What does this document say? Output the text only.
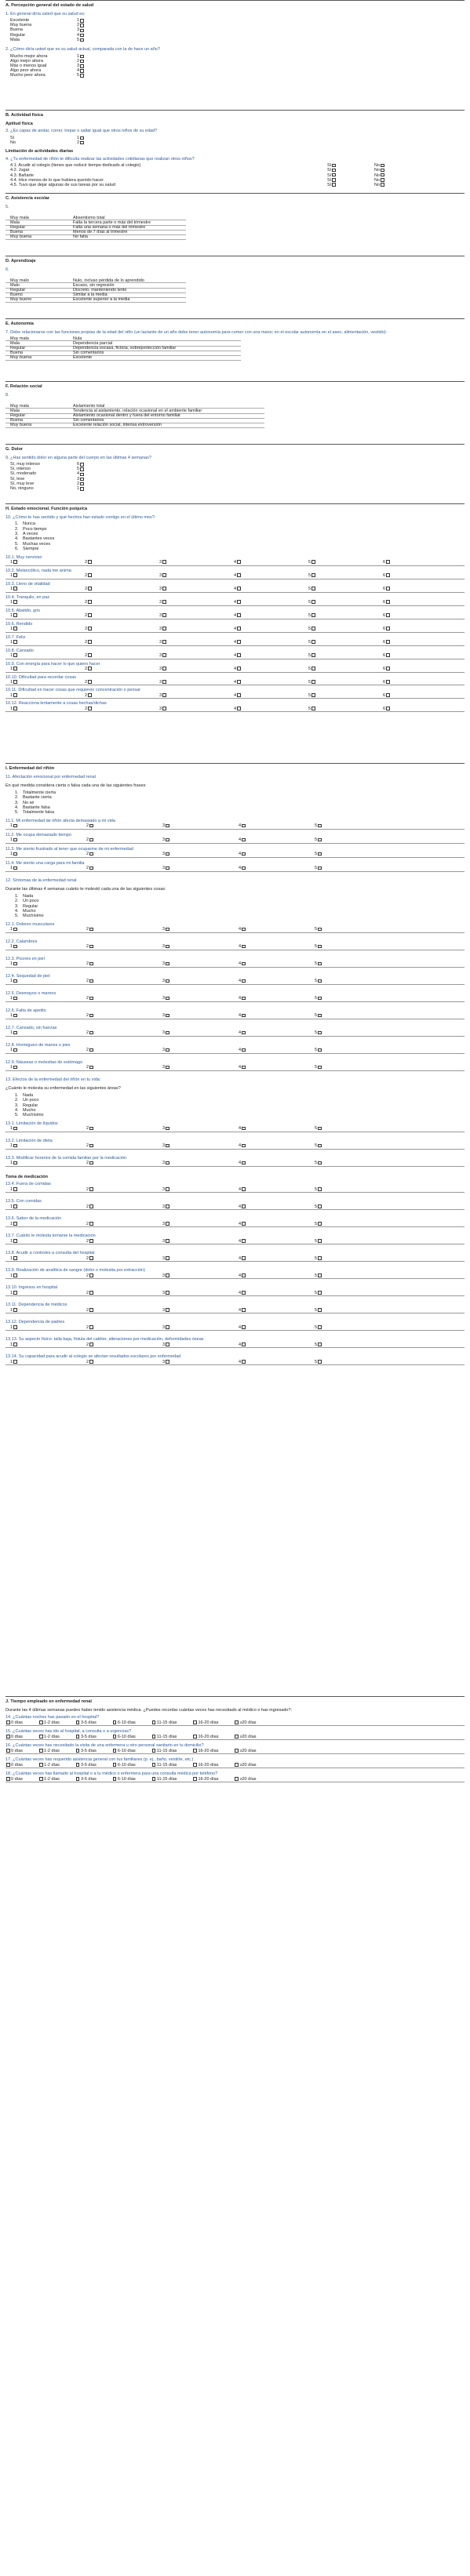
A. Percepción general del estado de salud
1. En general diría usted que su salud es:
Excelente	1
Muy buena	2
Buena	3
Regular	4
Mala	5
2. ¿Cómo diría usted que es su salud actual, comparada con la de hace un año?
Mucho mejor ahora	1
Algo mejor ahora	2
Más o menos igual	3
Algo peor ahora	4
Mucho peor ahora	5
B. Actividad física
Aptitud física
3. ¿Es capaz de andar, correr, trepar o saltar igual que otros niños de su edad?
Sí	1
No	2
Limitación de actividades diarias
4. ¿Tu enfermedad de riñón te dificulta realizar las actividades cotidianas que realizan otros niños?
4.1. Acudir al colegio (tienes que reducir tiempo dedicado al colegio)	Sí	No
4.2. Jugar	Sí	No
4.3. Bañarte	Sí	No
4.4. Hice menos de lo que hubiera querido hacer	Sí	No
4.5. Tuvo que dejar algunas de sus tareas por su salud	Sí	No
C. Asistencia escolar
5.
Muy mala	Absentismo total
Mala	Falta la tercera parte o más del trimestre
Regular	Falta una semana o más del trimestre
Buena	Menos de 7 días al trimestre
Muy buena	No falta
D. Aprendizaje
6.
Muy malo	Nulo, incluso pérdida de lo aprendido
Malo	Escaso, sin regresión
Regular	Discreto, manteniendo lento
Bueno	Similar a la media
Muy bueno	Excelente superior a la media
E. Autonomía
7. Debe relacionarse con las funciones propias de la edad del niño (un lactante de un año debe tener autonomía para comer con una mano; en el escolar autonomía en el aseo, alimentación, vestido):
Muy mala	Nula
Mala	Dependencia parcial
Regular	Dependencia escasa, ficticia, sobreprotección familiar
Buena	Sin comentarios
Muy buena	Excelente
F. Relación social
8.
Muy mala	Aislamiento total
Mala	Tendencia al aislamiento, relación ocasional en el ambiente familiar
Regular	Aislamiento ocasional dentro y fuera del entorno familiar
Buena	Sin comentarios
Muy buena	Excelente relación social, intensa extroversión
G. Dolor
9. ¿Has sentido dolor en alguna parte del cuerpo en las últimas 4 semanas?
Sí, muy intenso	6
Sí, intenso	5
Sí, moderado	4
Sí, leve	3
Sí, muy leve	2
No, ninguno	1
H. Estado emocional. Función psíquica
10. ¿Cómo te has sentido y qué hechos han estado contigo en el último mes?:
1. Nunca
2. Poco tiempo
3. A veces
4. Bastantes veces
5. Muchas veces
6. Siempre
10.1. Muy nervioso
1	2	3	4	5	6
10.2. Melancólico, nada me anima
1	2	3	4	5	6
10.3. Lleno de vitalidad
1	2	3	4	5	6
10.4. Tranquilo, en paz
1	2	3	4	5	6
10.5. Abatido, gris
1	2	3	4	5	6
10.6. Rendido
1	2	3	4	5	6
10.7. Feliz
1	2	3	4	5	6
10.8. Cansado
1	2	3	4	5	6
10.9. Con energía para hacer lo que quiero hacer
1	2	3	4	5	6
10.10. Dificultad para recordar cosas
1	2	3	4	5	6
10.11. Dificultad en hacer cosas que requieren concentración o pensar
1	2	3	4	5	6
10.12. Reacciona lentamente a cosas hechas/dichas
1	2	3	4	5	6
I. Enfermedad del riñón
11. Afectación emocional por enfermedad renal
En qué medida considera cierta o falsa cada una de las siguientes frases:
1. Totalmente cierta
2. Bastante cierta
3. No sé
4. Bastante falsa
5. Totalmente falsa
11.1. Mi enfermedad de riñón afecta demasiado a mi vida
1	2	3	4	5
11.2. Me ocupa demasiado tiempo
1	2	3	4	5
11.3. Me siento frustrado al tener que ocuparme de mi enfermedad
1	2	3	4	5
11.4. Me siento una carga para mi familia
1	2	3	4	5
12. Síntomas de la enfermedad renal
Durante las últimas 4 semanas cuánto te molestó cada una de las siguientes cosas:
1. Nada
2. Un poco
3. Regular
4. Mucho
5. Muchísimo
12.1. Dolores musculares
1	2	3	4	5
12.2. Calambres
1	2	3	4	5
12.3. Picores en piel
1	2	3	4	5
12.4. Sequedad de piel
1	2	3	4	5
12.5. Desmayos o mareos
1	2	3	4	5
12.6. Falta de apetito
1	2	3	4	5
12.7. Cansado, sin fuerzas
1	2	3	4	5
12.8. Hormigueo de manos o pies
1	2	3	4	5
12.9. Náuseas o molestias de estómago
1	2	3	4	5
13. Efectos de la enfermedad del riñón en tu vida:
¿Cuánto le molesta su enfermedad en las siguientes áreas?
1. Nada
2. Un poco
3. Regular
4. Mucho
5. Muchísimo
13.1. Limitación de líquidos
1	2	3	4	5
13.2. Limitación de dieta
1	2	3	4	5
13.3. Modificar horarios de la comida familiar por la medicación
1	2	3	4	5
Toma de medicación
13.4. Fuera de comidas
1	2	3	4	5
13.5. Con comidas
1	2	3	4	5
13.6. Sabor de la medicación
1	2	3	4	5
13.7. Cuánto le molesta tomarse la medicación
1	2	3	4	5
13.8. Acudir a controles a consulta del hospital
1	2	3	4	5
13.9. Realización de analítica de sangre (dolor o molestia por extracción)
1	2	3	4	5
13.10. Ingresos en hospital
1	2	3	4	5
13.11. Dependencia de médicos
1	2	3	4	5
13.12. Dependencia de padres
1	2	3	4	5
13.13. Su aspecto físico: talla baja, fístula del catéter, alteraciones por medicación, deformidades óseas
1	2	3	4	5
13.14. Su capacidad para acudir al colegio se afectan resultados escolares por enfermedad
1	2	3	4	5
J. Tiempo empleado en enfermedad renal
Durante las 4 últimas semanas puedes haber tenido asistencia médica. ¿Puedes recordar cuántas veces has necesitado al médico o has ingresado?:
14. ¿Cuántas noches has pasado en el hospital?
0 días	1-2 días	3-5 días	6-10 días	11-15 días	16-20 días	≥20 días
15. ¿Cuántas veces has ido al hospital, a consulta o a urgencias?
0 días	1-2 días	3-5 días	6-10 días	11-15 días	16-20 días	≥20 días
16. ¿Cuántas veces has necesitado la visita de una enfermera u otro personal sanitario en tu domicilio?
0 días	1-2 días	3-5 días	6-10 días	11-15 días	16-20 días	≥20 días
17. ¿Cuántas veces has requerido asistencia general con tus familiares (p. ej., baño, vestirte, etc.)
0 días	1-2 días	3-5 días	6-10 días	11-15 días	16-20 días	≥20 días
18. ¿Cuántas veces has llamado al hospital o a tu médico o enfermera para una consulta médica por teléfono?
0 días	1-2 días	3-5 días	6-10 días	11-15 días	16-20 días	≥20 días
